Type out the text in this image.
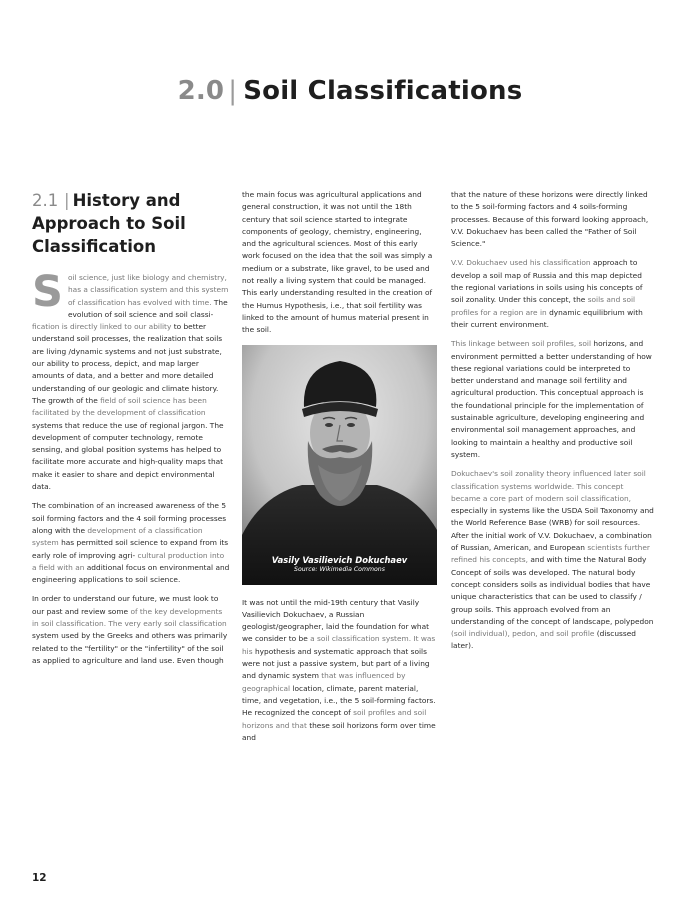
2.0 | Soil Classifications
2.1 | History and Approach to Soil Classification

Soil science, just like biology and chemistry, has a classification system and this system of classification has evolved with time. The evolution of soil science and soil classi- fication is directly linked to our ability to better understand soil processes, the realization that soils are living /dynamic systems and not just substrate, our ability to process, depict, and map larger amounts of data, and a better and more detailed understanding of our geologic and climate history. The growth of the field of soil science has been facilitated by the development of classification systems that reduce the use of regional jargon. The development of computer technology, remote sensing, and global position systems has helped to facilitate more accurate and high-quality maps that make it easier to share and depict environmental data.

The combination of an increased awareness of the 5 soil forming factors and the 4 soil forming processes along with the development of a classification system has permitted soil science to expand from its early role of improving agri- cultural production into a field with an additional focus on environmental and engineering applications to soil science.

In order to understand our future, we must look to our past and review some of the key developments in soil classification. The very early soil classification system used by the Greeks and others was primarily related to the "fertility" or the "infertility" of the soil as applied to agriculture and land use. Even though

the main focus was agricultural applications and general construction, it was not until the 18th century that soil science started to integrate components of geology, chemistry, engineering, and the agricultural sciences. Most of this early work focused on the idea that the soil was simply a medium or a substrate, like gravel, to be used and not really a living system that could be managed. This early understanding resulted in the creation of the Humus Hypothesis, i.e., that soil fertility was linked to the amount of humus material present in the soil.

Vasily Vasilievich Dokuchaev
Source: Wikimedia Commons

It was not until the mid-19th century that Vasily Vasilievich Dokuchaev, a Russian geologist/geographer, laid the foundation for what we consider to be a soil classification system. It was his hypothesis and systematic approach that soils were not just a passive system, but part of a living and dynamic system that was influenced by geographical location, climate, parent material, time, and vegetation, i.e., the 5 soil-forming factors. He recognized the concept of soil profiles and soil horizons and that these soil horizons form over time and

that the nature of these horizons were directly linked to the 5 soil-forming factors and 4 soils-forming processes. Because of this forward looking approach, V.V. Dokuchaev has been called the "Father of Soil Science."

V.V. Dokuchaev used his classification approach to develop a soil map of Russia and this map depicted the regional variations in soils using his concepts of soil zonality. Under this concept, the soils and soil profiles for a region are in dynamic equilibrium with their current environment.

This linkage between soil profiles, soil horizons, and environment permitted a better understanding of how these regional variations could be interpreted to better understand and manage soil fertility and agricultural production. This conceptual approach is the foundational principle for the implementation of sustainable agriculture, developing engineering and environmental soil management approaches, and looking to maintain a healthy and productive soil system.

Dokuchaev's soil zonality theory influenced later soil classification systems worldwide. This concept became a core part of modern soil classification, especially in systems like the USDA Soil Taxonomy and the World Reference Base (WRB) for soil resources. After the initial work of V.V. Dokuchaev, a combination of Russian, American, and European scientists further refined his concepts, and with time the Natural Body Concept of soils was developed. The natural body concept considers soils as individual bodies that have unique characteristics that can be used to classify / group soils. This approach evolved from an understanding of the concept of landscape, polypedon (soil individual), pedon, and soil profile (discussed later).

12
